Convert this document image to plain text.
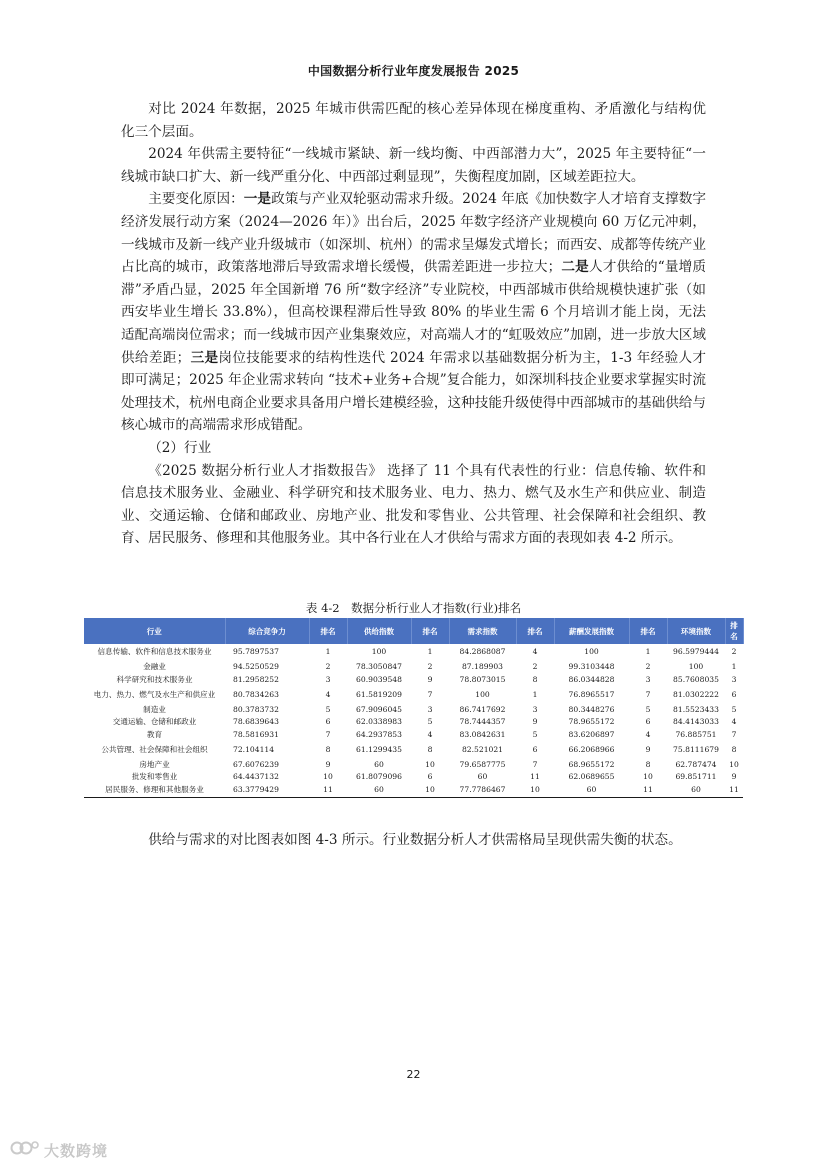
中国数据分析行业年度发展报告 2025

对比 2024 年数据，2025 年城市供需匹配的核心差异体现在梯度重构、矛盾激化与结构优化三个层面。

2024 年供需主要特征“一线城市紧缺、新一线均衡、中西部潜力大”，2025 年主要特征“一线城市缺口扩大、新一线严重分化、中西部过剩显现”，失衡程度加剧，区域差距拉大。

主要变化原因：一是政策与产业双轮驱动需求升级。2024 年底《加快数字人才培育支撑数字经济发展行动方案（2024—2026 年）》出台后，2025 年数字经济产业规模向 60 万亿元冲刺，一线城市及新一线产业升级城市（如深圳、杭州）的需求呈爆发式增长；而西安、成都等传统产业占比高的城市，政策落地滞后导致需求增长缓慢，供需差距进一步拉大；二是人才供给的“量增质滞”矛盾凸显，2025 年全国新增 76 所“数字经济”专业院校，中西部城市供给规模快速扩张（如西安毕业生增长 33.8%），但高校课程滞后性导致 80% 的毕业生需 6 个月培训才能上岗，无法适配高端岗位需求；而一线城市因产业集聚效应，对高端人才的“虹吸效应”加剧，进一步放大区域供给差距；三是岗位技能要求的结构性迭代 2024 年需求以基础数据分析为主，1-3 年经验人才即可满足；2025 年企业需求转向 “技术+业务+合规”复合能力，如深圳科技企业要求掌握实时流处理技术，杭州电商企业要求具备用户增长建模经验，这种技能升级使得中西部城市的基础供给与核心城市的高端需求形成错配。

（2）行业

《2025 数据分析行业人才指数报告》 选择了 11 个具有代表性的行业：信息传输、软件和信息技术服务业、金融业、科学研究和技术服务业、电力、热力、燃气及水生产和供应业、制造业、交通运输、仓储和邮政业、房地产业、批发和零售业、公共管理、社会保障和社会组织、教育、居民服务、修理和其他服务业。其中各行业在人才供给与需求方面的表现如表 4-2 所示。

表 4-2　数据分析行业人才指数(行业)排名
行业	综合竞争力	排名	供给指数	排名	需求指数	排名	薪酬发展指数	排名	环境指数	排名
信息传输、软件和信息技术服务业	95.7897537	1	100	1	84.2868087	4	100	1	96.5979444	2
金融业	94.5250529	2	78.3050847	2	87.189903	2	99.3103448	2	100	1
科学研究和技术服务业	81.2958252	3	60.9039548	9	78.8073015	8	86.0344828	3	85.7608035	3
电力、热力、燃气及水生产和供应业	80.7834263	4	61.5819209	7	100	1	76.8965517	7	81.0302222	6
制造业	80.3783732	5	67.9096045	3	86.7417692	3	80.3448276	5	81.5523433	5
交通运输、仓储和邮政业	78.6839643	6	62.0338983	5	78.7444357	9	78.9655172	6	84.4143033	4
教育	78.5816931	7	64.2937853	4	83.0842631	5	83.6206897	4	76.885751	7
公共管理、社会保障和社会组织	72.104114	8	61.1299435	8	82.521021	6	66.2068966	9	75.8111679	8
房地产业	67.6076239	9	60	10	79.6587775	7	68.9655172	8	62.787474	10
批发和零售业	64.4437132	10	61.8079096	6	60	11	62.0689655	10	69.851711	9
居民服务、修理和其他服务业	63.3779429	11	60	10	77.7786467	10	60	11	60	11
供给与需求的对比图表如图 4-3 所示。行业数据分析人才供需格局呈现供需失衡的状态。
22
大数跨境
